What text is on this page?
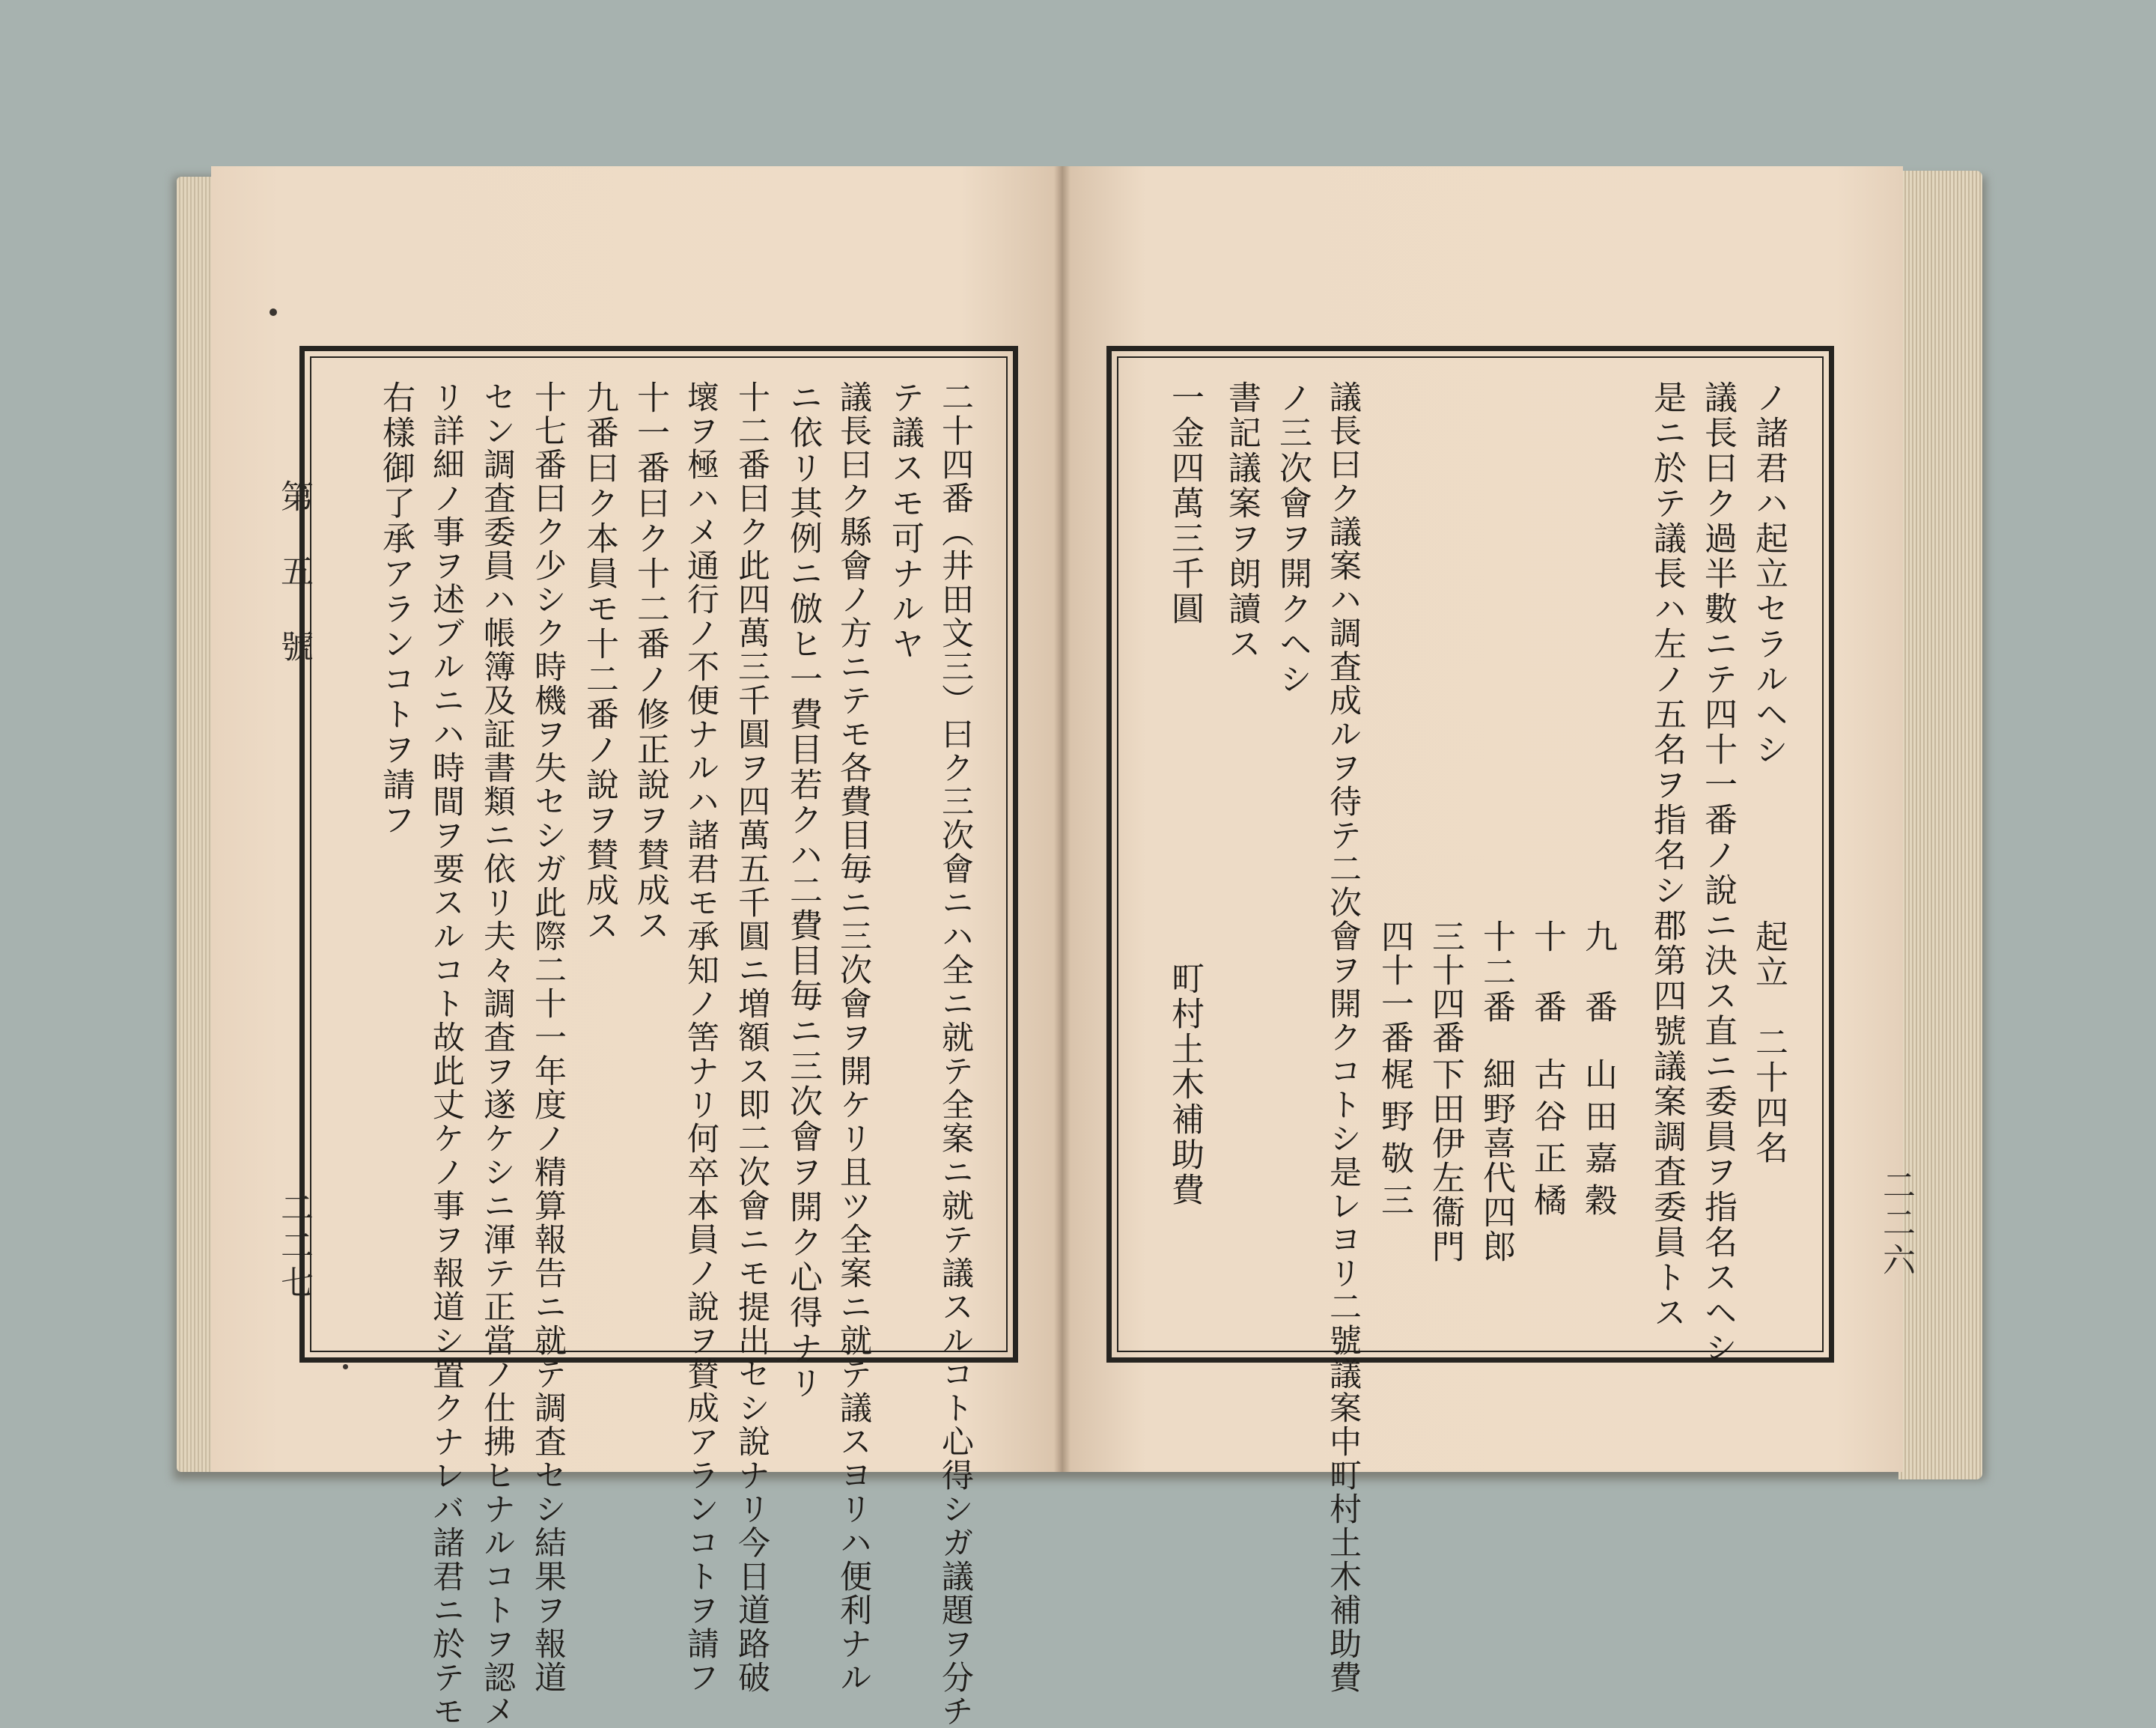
第五號
二二七	二十四番（井田文三）曰ク三次會ニハ全ニ就テ全案ニ就テ議スルコト心得シガ議題ヲ分チ
テ議スモ可ナルヤ
議長曰ク縣會ノ方ニテモ各費目毎ニ三次會ヲ開ケリ且ツ全案ニ就テ議スヨリハ便利ナル
ニ依リ其例ニ倣ヒ一費目若クハ二費目毎ニ三次會ヲ開ク心得ナリ
十二番曰ク此四萬三千圓ヲ四萬五千圓ニ増額ス即二次會ニモ提出セシ說ナリ今日道路破
壞ヲ極ハメ通行ノ不便ナルハ諸君モ承知ノ筈ナリ何卒本員ノ說ヲ賛成アランコトヲ請フ
十一番曰ク十二番ノ修正說ヲ賛成ス
九番曰ク本員モ十二番ノ說ヲ賛成ス
十七番曰ク少シク時機ヲ失セシガ此際二十一年度ノ精算報告ニ就テ調査セシ結果ヲ報道
セン調査委員ハ帳簿及証書類ニ依リ夫々調査ヲ遂ケシニ渾テ正當ノ仕拂ヒナルコトヲ認メ
リ詳細ノ事ヲ述ブルニハ時間ヲ要スルコト故此丈ケノ事ヲ報道シ置クナレバ諸君ニ於テモ
右樣御了承アランコトヲ請フ
二二六
ノ諸君ハ起立セラルヘシ
起立　二十四名
議長曰ク過半數ニテ四十一番ノ說ニ決ス直ニ委員ヲ指名スヘシ
是ニ於テ議長ハ左ノ五名ヲ指名シ郡第四號議案調査委員トス
九　番
山田嘉穀
十　番
古谷正橘
十二番
細野喜代四郎
三十四番
下田伊左衞門
四十一番
梶野敬三
議長曰ク議案ハ調査成ルヲ待テ二次會ヲ開クコトシ是レヨリ二號議案中町村土木補助費
ノ三次會ヲ開クヘシ
書記議案ヲ朗讀ス
一金四萬三千圓
町村土木補助費
